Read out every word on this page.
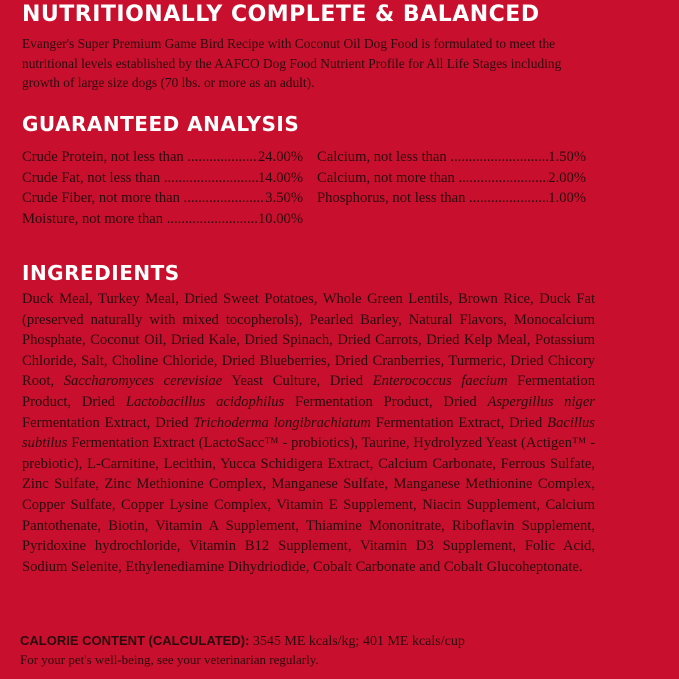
NUTRITIONALLY COMPLETE & BALANCED

Evanger's Super Premium Game Bird Recipe with Coconut Oil Dog Food is formulated to meet the nutritional levels established by the AAFCO Dog Food Nutrient Profile for All Life Stages including growth of large size dogs (70 lbs. or more as an adult).

GUARANTEED ANALYSIS
Crude Protein, not less than .....	24.00%
Crude Fat, not less than .....	14.00%
Crude Fiber, not more than .....	3.50%
Moisture, not more than .....	10.00%
Calcium, not less than .....	1.50%
Calcium, not more than .....	2.00%
Phosphorus, not less than .....	1.00%
INGREDIENTS

Duck Meal, Turkey Meal, Dried Sweet Potatoes, Whole Green Lentils, Brown Rice, Duck Fat (preserved naturally with mixed tocopherols), Pearled Barley, Natural Flavors, Monocalcium Phosphate, Coconut Oil, Dried Kale, Dried Spinach, Dried Carrots, Dried Kelp Meal, Potassium Chloride, Salt, Choline Chloride, Dried Blueberries, Dried Cranberries, Turmeric, Dried Chicory Root, Saccharomyces cerevisiae Yeast Culture, Dried Enterococcus faecium Fermentation Product, Dried Lactobacillus acidophilus Fermentation Product, Dried Aspergillus niger Fermentation Extract, Dried Trichoderma longibrachiatum Fermentation Extract, Dried Bacillus subtilus Fermentation Extract (LactoSacc™ - probiotics), Taurine, Hydrolyzed Yeast (Actigen™ - prebiotic), L-Carnitine, Lecithin, Yucca Schidigera Extract, Calcium Carbonate, Ferrous Sulfate, Zinc Sulfate, Zinc Methionine Complex, Manganese Sulfate, Manganese Methionine Complex, Copper Sulfate, Copper Lysine Complex, Vitamin E Supplement, Niacin Supplement, Calcium Pantothenate, Biotin, Vitamin A Supplement, Thiamine Mononitrate, Riboflavin Supplement, Pyridoxine hydrochloride, Vitamin B12 Supplement, Vitamin D3 Supplement, Folic Acid, Sodium Selenite, Ethylenediamine Dihydriodide, Cobalt Carbonate and Cobalt Glucoheptonate.

CALORIE CONTENT (CALCULATED): 3545 ME kcals/kg; 401 ME kcals/cup

For your pet's well-being, see your veterinarian regularly.
